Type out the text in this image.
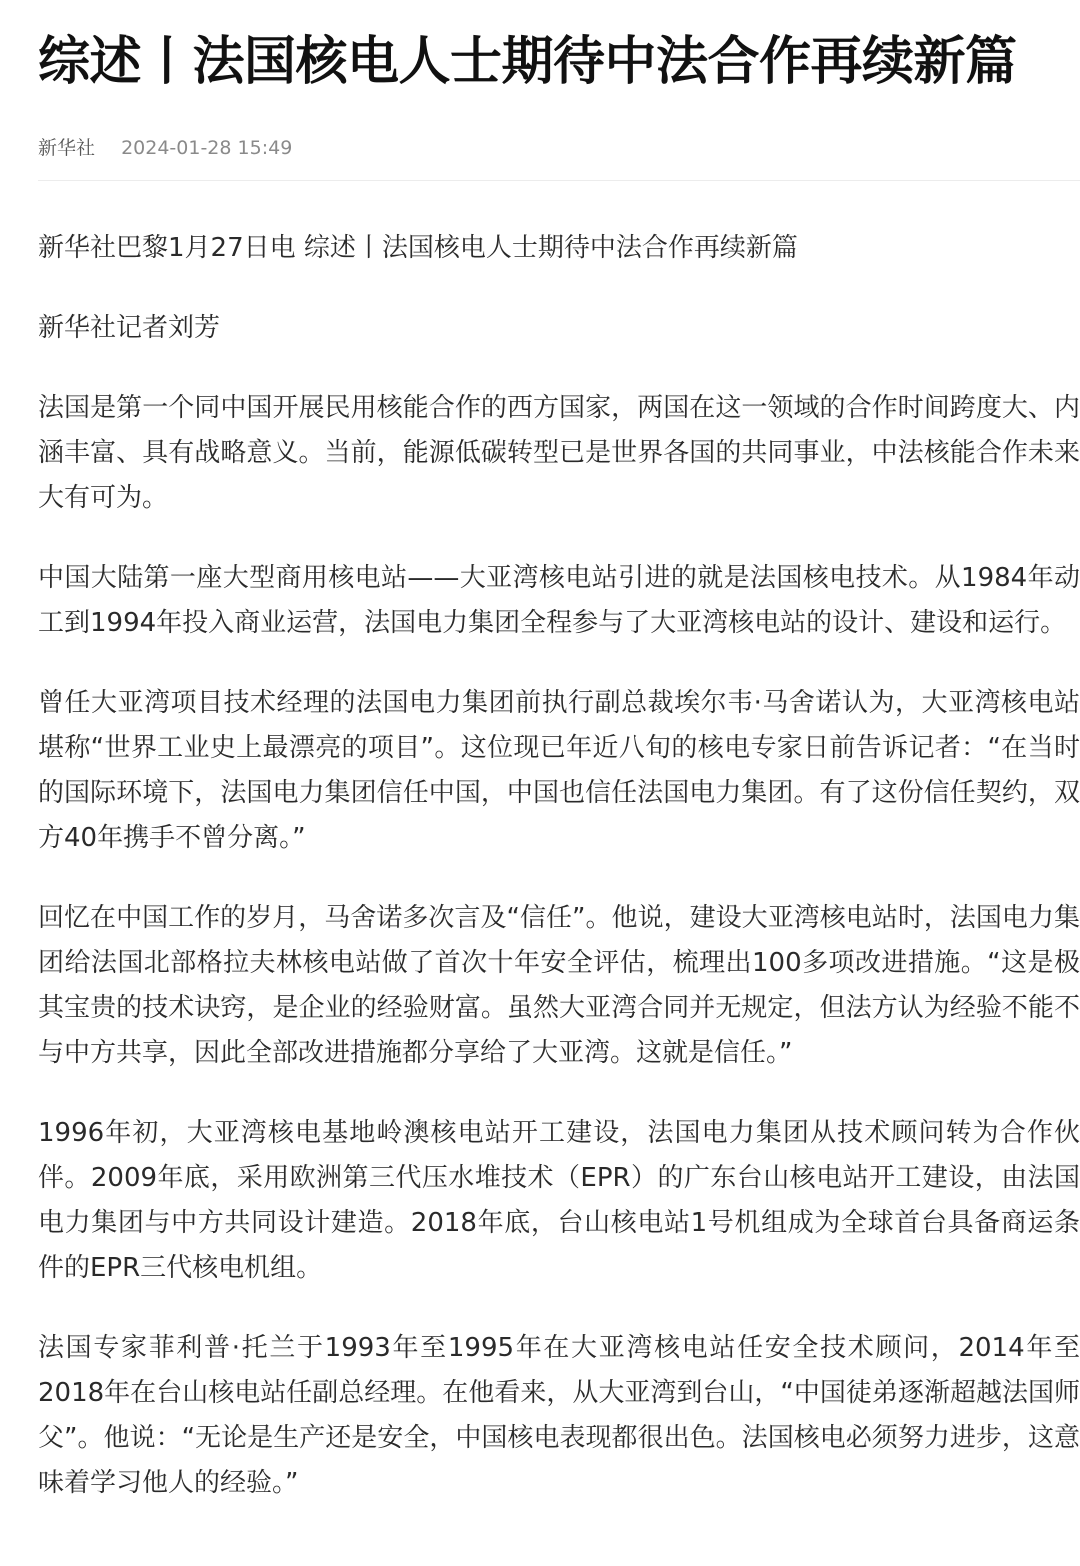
综述丨法国核电人士期待中法合作再续新篇
新华社 2024-01-28 15:49

新华社巴黎1月27日电 综述丨法国核电人士期待中法合作再续新篇

新华社记者刘芳

法国是第一个同中国开展民用核能合作的西方国家，两国在这一领域的合作时间跨度大、内涵丰富、具有战略意义。当前，能源低碳转型已是世界各国的共同事业，中法核能合作未来大有可为。

中国大陆第一座大型商用核电站——大亚湾核电站引进的就是法国核电技术。从1984年动工到1994年投入商业运营，法国电力集团全程参与了大亚湾核电站的设计、建设和运行。

曾任大亚湾项目技术经理的法国电力集团前执行副总裁埃尔韦·马舍诺认为，大亚湾核电站堪称“世界工业史上最漂亮的项目”。这位现已年近八旬的核电专家日前告诉记者：“在当时的国际环境下，法国电力集团信任中国，中国也信任法国电力集团。有了这份信任契约，双方40年携手不曾分离。”

回忆在中国工作的岁月，马舍诺多次言及“信任”。他说，建设大亚湾核电站时，法国电力集团给法国北部格拉夫林核电站做了首次十年安全评估，梳理出100多项改进措施。“这是极其宝贵的技术诀窍，是企业的经验财富。虽然大亚湾合同并无规定，但法方认为经验不能不与中方共享，因此全部改进措施都分享给了大亚湾。这就是信任。”

1996年初，大亚湾核电基地岭澳核电站开工建设，法国电力集团从技术顾问转为合作伙伴。2009年底，采用欧洲第三代压水堆技术（EPR）的广东台山核电站开工建设，由法国电力集团与中方共同设计建造。2018年底，台山核电站1号机组成为全球首台具备商运条件的EPR三代核电机组。

法国专家菲利普·托兰于1993年至1995年在大亚湾核电站任安全技术顾问，2014年至2018年在台山核电站任副总经理。在他看来，从大亚湾到台山，“中国徒弟逐渐超越法国师父”。他说：“无论是生产还是安全，中国核电表现都很出色。法国核电必须努力进步，这意味着学习他人的经验。”
